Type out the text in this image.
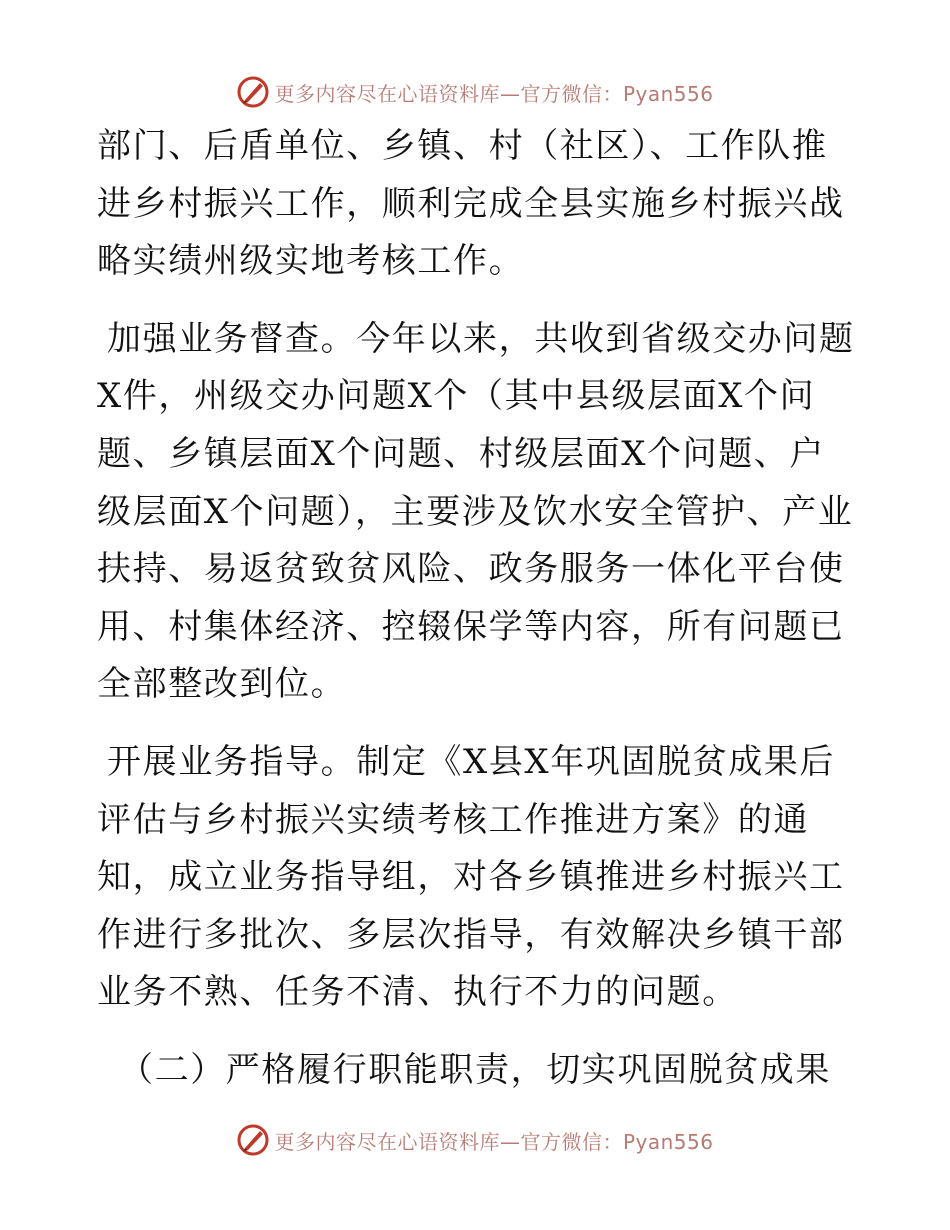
更多内容尽在心语资料库—官方微信：Pyan556

部门、后盾单位、乡镇、村（社区）、工作队推进乡村振兴工作，顺利完成全县实施乡村振兴战略实绩州级实地考核工作。

加强业务督查。今年以来，共收到省级交办问题X件，州级交办问题X个（其中县级层面X个问题、乡镇层面X个问题、村级层面X个问题、户级层面X个问题），主要涉及饮水安全管护、产业扶持、易返贫致贫风险、政务服务一体化平台使用、村集体经济、控辍保学等内容，所有问题已全部整改到位。

开展业务指导。制定《X县X年巩固脱贫成果后评估与乡村振兴实绩考核工作推进方案》的通知，成立业务指导组，对各乡镇推进乡村振兴工作进行多批次、多层次指导，有效解决乡镇干部业务不熟、任务不清、执行不力的问题。

（二）严格履行职能职责，切实巩固脱贫成果

更多内容尽在心语资料库—官方微信：Pyan556
